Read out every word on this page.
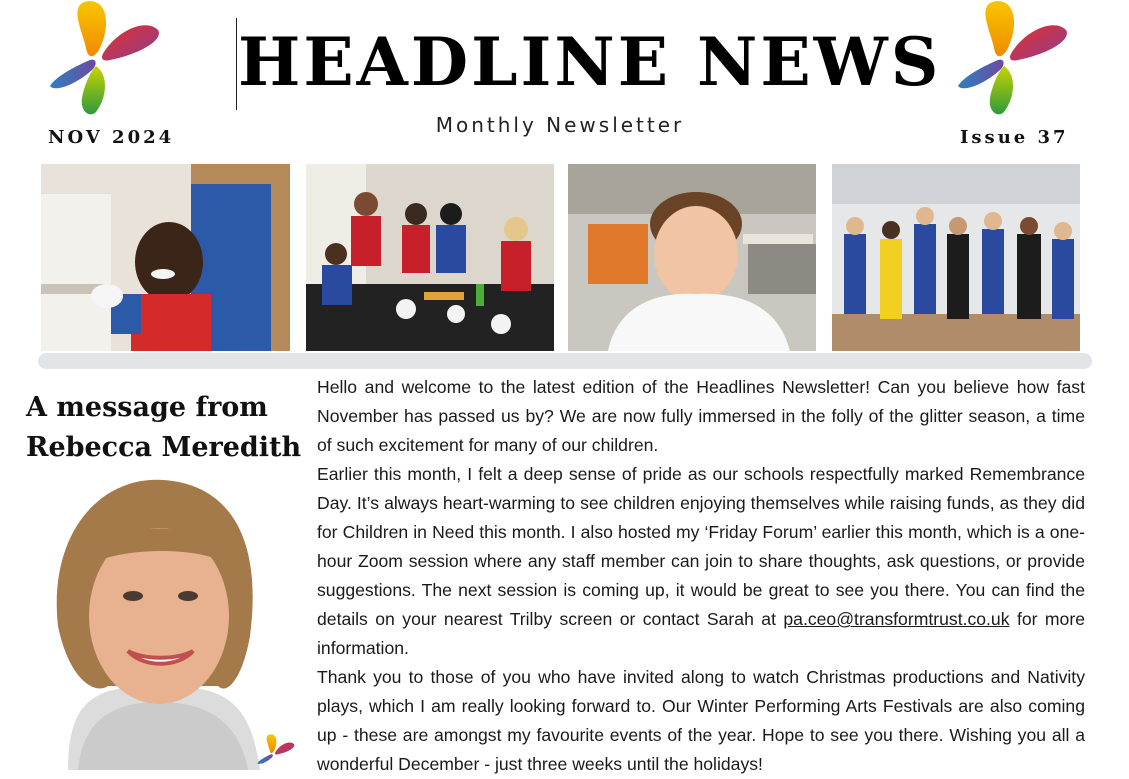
HEADLINE NEWS
Monthly Newsletter
NOV 2024	Issue 37
A message from
Rebecca Meredith

Hello and welcome to the latest edition of the Headlines Newsletter! Can you believe how fast November has passed us by? We are now fully immersed in the folly of the glitter season, a time of such excitement for many of our children.

Earlier this month, I felt a deep sense of pride as our schools respectfully marked Remembrance Day. It’s always heart-warming to see children enjoying themselves while raising funds, as they did for Children in Need this month. I also hosted my ‘Friday Forum’ earlier this month, which is a one-hour Zoom session where any staff member can join to share thoughts, ask questions, or provide suggestions. The next session is coming up, it would be great to see you there. You can find the details on your nearest Trilby screen or contact Sarah at pa.ceo@transformtrust.co.uk for more information.

Thank you to those of you who have invited along to watch Christmas productions and Nativity plays, which I am really looking forward to. Our Winter Performing Arts Festivals are also coming up - these are amongst my favourite events of the year. Hope to see you there. Wishing you all a wonderful December - just three weeks until the holidays!
